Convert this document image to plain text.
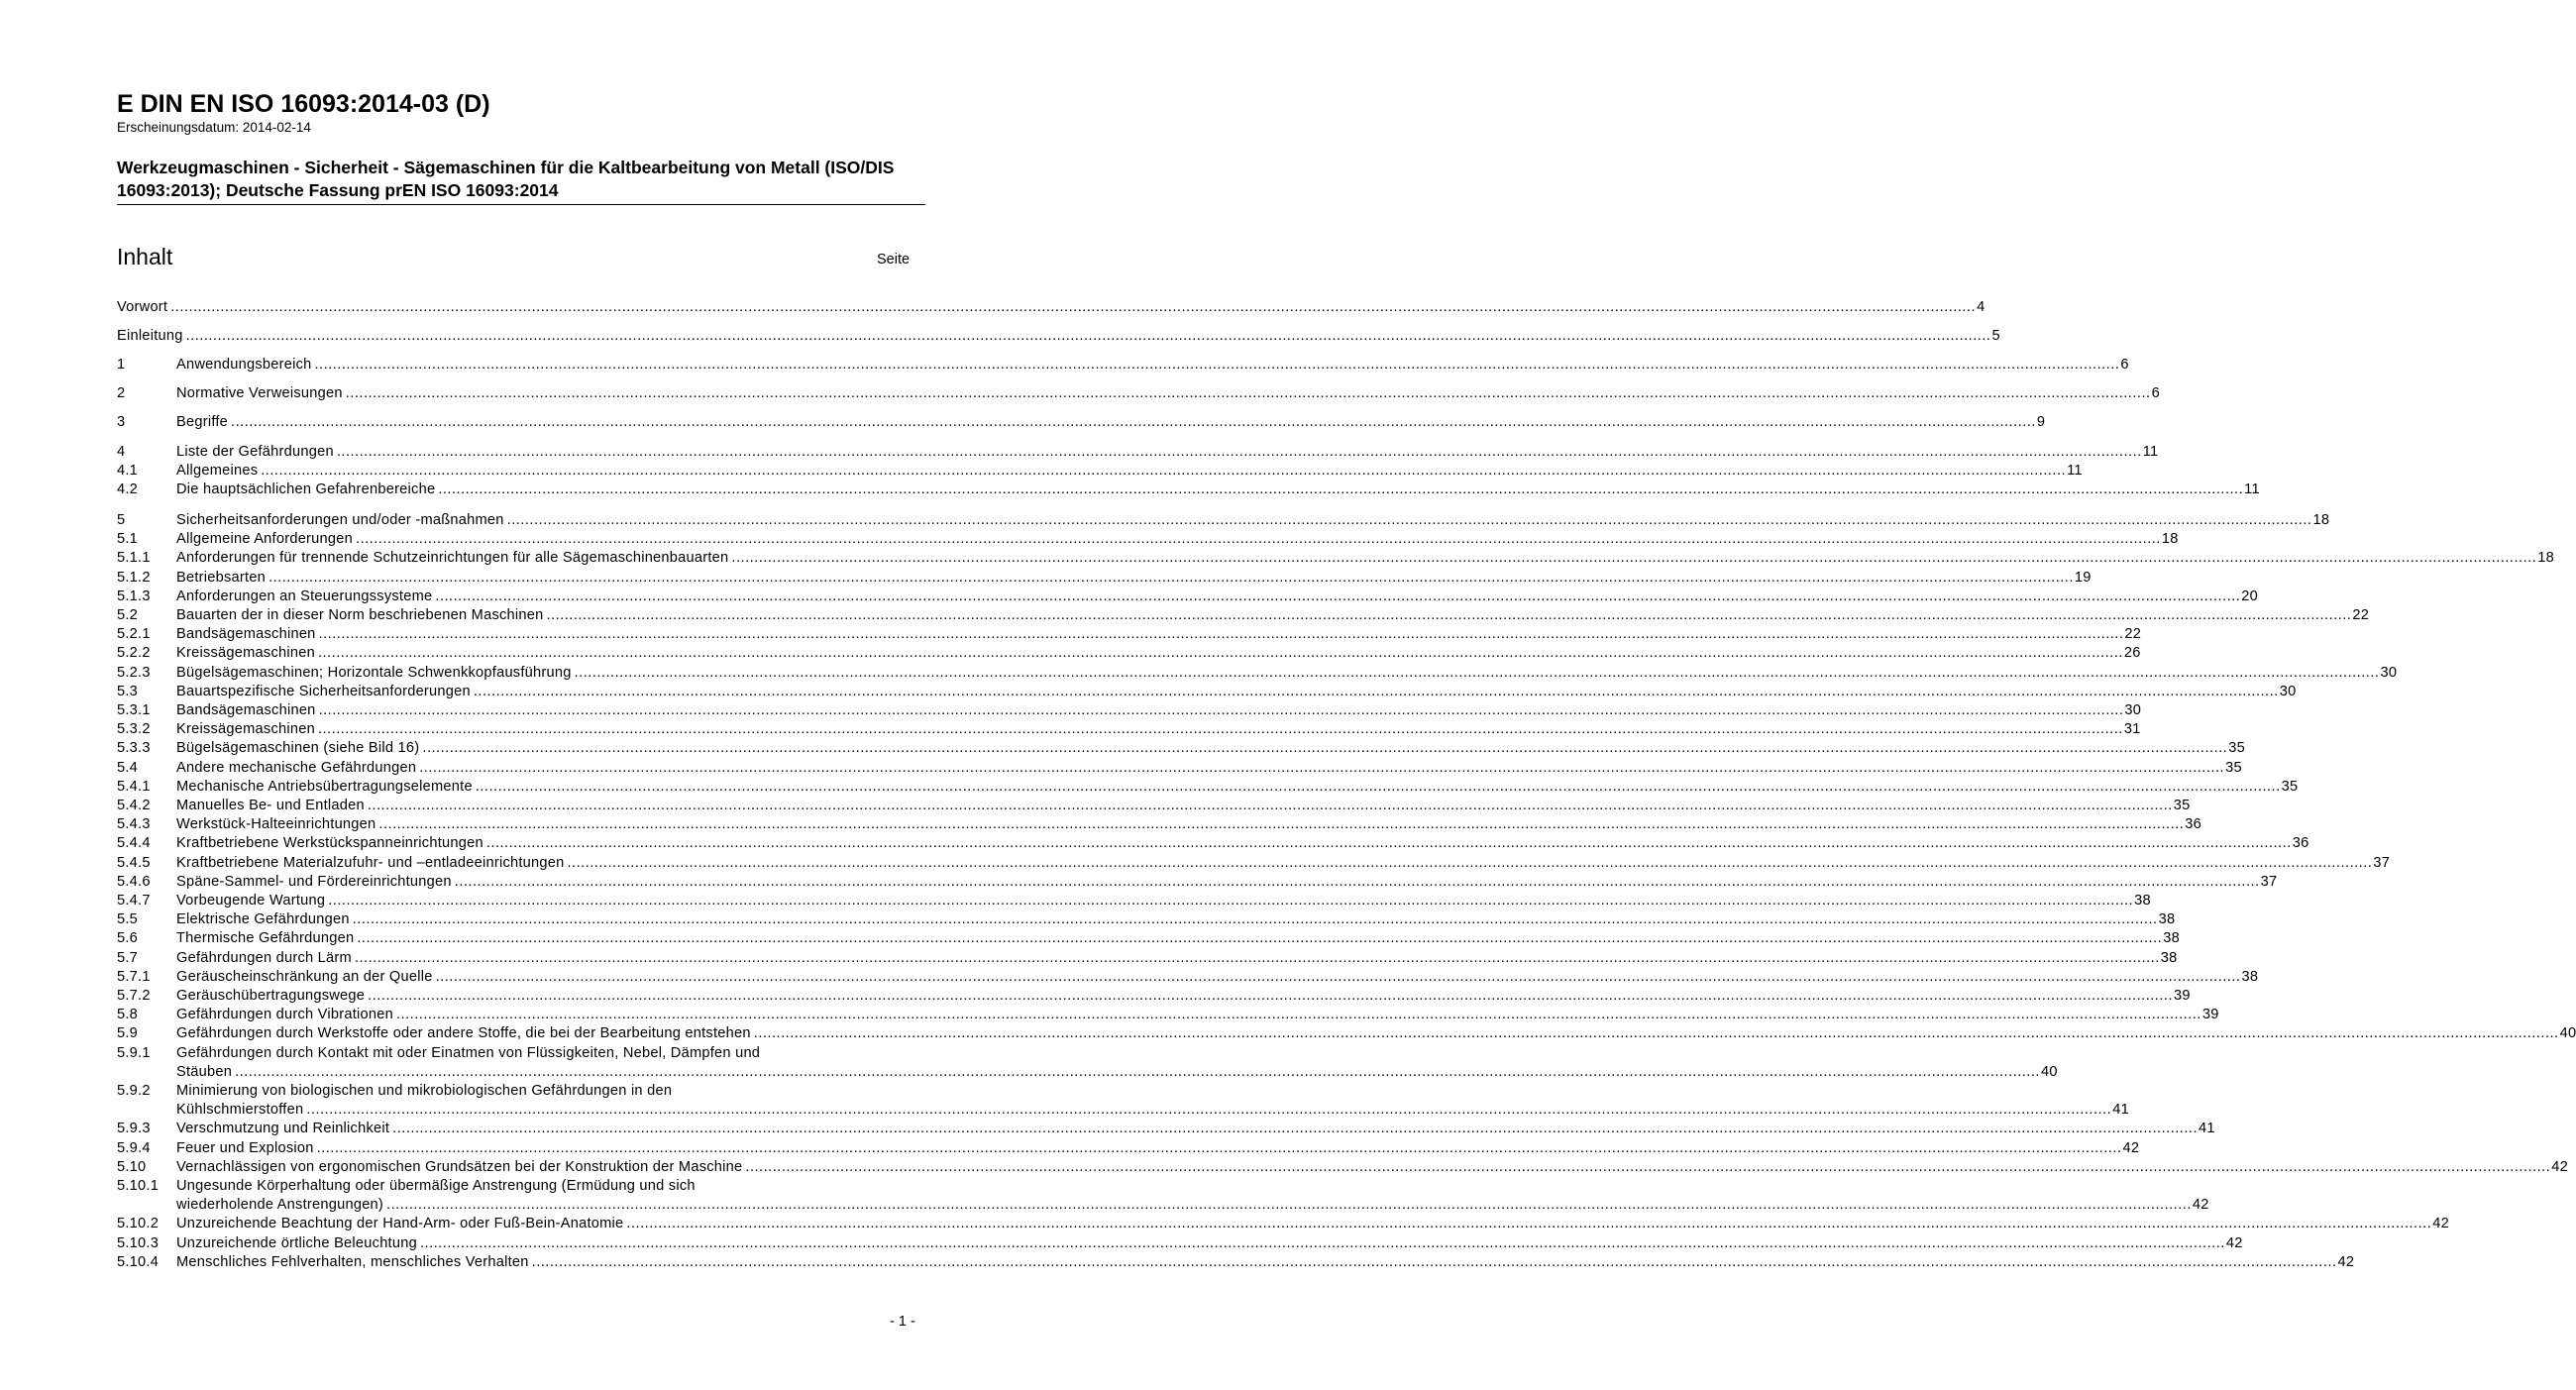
E DIN EN ISO 16093:2014-03 (D)
Erscheinungsdatum: 2014-02-14
Werkzeugmaschinen - Sicherheit - Sägemaschinen für die Kaltbearbeitung von Metall (ISO/DIS 16093:2013); Deutsche Fassung prEN ISO 16093:2014
Inhalt	Seite
Vorwort ................................................................................................................................................................................................................................................................................................................................................................................................................ 4
Einleitung ................................................................................................................................................................................................................................................................................................................................................................................................................ 5
1	Anwendungsbereich ................................................................................................................................................................................................................................................................................................................................................................................................................ 6
2	Normative Verweisungen ................................................................................................................................................................................................................................................................................................................................................................................................................ 6
3	Begriffe ................................................................................................................................................................................................................................................................................................................................................................................................................ 9
4	Liste der Gefährdungen ................................................................................................................................................................................................................................................................................................................................................................................................................ 11
4.1	Allgemeines ................................................................................................................................................................................................................................................................................................................................................................................................................ 11
4.2	Die hauptsächlichen Gefahrenbereiche ................................................................................................................................................................................................................................................................................................................................................................................................................ 11
5	Sicherheitsanforderungen und/oder -maßnahmen ................................................................................................................................................................................................................................................................................................................................................................................................................ 18
5.1	Allgemeine Anforderungen ................................................................................................................................................................................................................................................................................................................................................................................................................ 18
5.1.1 Anforderungen für trennende Schutzeinrichtungen für alle Sägemaschinenbauarten ................................................................................................................................................................................................................................................................................................................................................................................................................ 18
5.1.2 Betriebsarten ................................................................................................................................................................................................................................................................................................................................................................................................................ 19
5.1.3 Anforderungen an Steuerungssysteme ................................................................................................................................................................................................................................................................................................................................................................................................................ 20
5.2	Bauarten der in dieser Norm beschriebenen Maschinen ................................................................................................................................................................................................................................................................................................................................................................................................................ 22
5.2.1 Bandsägemaschinen ................................................................................................................................................................................................................................................................................................................................................................................................................ 22
5.2.2 Kreissägemaschinen ................................................................................................................................................................................................................................................................................................................................................................................................................ 26
5.2.3 Bügelsägemaschinen; Horizontale Schwenkkopfausführung ................................................................................................................................................................................................................................................................................................................................................................................................................ 30
5.3	Bauartspezifische Sicherheitsanforderungen ................................................................................................................................................................................................................................................................................................................................................................................................................ 30
5.3.1 Bandsägemaschinen ................................................................................................................................................................................................................................................................................................................................................................................................................ 30
5.3.2 Kreissägemaschinen ................................................................................................................................................................................................................................................................................................................................................................................................................ 31
5.3.3 Bügelsägemaschinen (siehe Bild 16) ................................................................................................................................................................................................................................................................................................................................................................................................................ 35
5.4	Andere mechanische Gefährdungen ................................................................................................................................................................................................................................................................................................................................................................................................................ 35
5.4.1 Mechanische Antriebsübertragungselemente ................................................................................................................................................................................................................................................................................................................................................................................................................ 35
5.4.2 Manuelles Be- und Entladen ................................................................................................................................................................................................................................................................................................................................................................................................................ 35
5.4.3 Werkstück-Halteeinrichtungen ................................................................................................................................................................................................................................................................................................................................................................................................................ 36
5.4.4 Kraftbetriebene Werkstückspanneinrichtungen ................................................................................................................................................................................................................................................................................................................................................................................................................ 36
5.4.5 Kraftbetriebene Materialzufuhr- und –entladeeinrichtungen ................................................................................................................................................................................................................................................................................................................................................................................................................ 37
5.4.6 Späne-Sammel- und Fördereinrichtungen ................................................................................................................................................................................................................................................................................................................................................................................................................ 37
5.4.7 Vorbeugende Wartung ................................................................................................................................................................................................................................................................................................................................................................................................................ 38
5.5	Elektrische Gefährdungen ................................................................................................................................................................................................................................................................................................................................................................................................................ 38
5.6	Thermische Gefährdungen ................................................................................................................................................................................................................................................................................................................................................................................................................ 38
5.7	Gefährdungen durch Lärm ................................................................................................................................................................................................................................................................................................................................................................................................................ 38
5.7.1 Geräuscheinschränkung an der Quelle ................................................................................................................................................................................................................................................................................................................................................................................................................ 38
5.7.2 Geräuschübertragungswege ................................................................................................................................................................................................................................................................................................................................................................................................................ 39
5.8	Gefährdungen durch Vibrationen ................................................................................................................................................................................................................................................................................................................................................................................................................ 39
5.9	Gefährdungen durch Werkstoffe oder andere Stoffe, die bei der Bearbeitung entstehen ................................................................................................................................................................................................................................................................................................................................................................................................................ 40
5.9.1 Gefährdungen durch Kontakt mit oder Einatmen von Flüssigkeiten, Nebel, Dämpfen und
Stäuben ................................................................................................................................................................................................................................................................................................................................................................................................................ 40
5.9.2 Minimierung von biologischen und mikrobiologischen Gefährdungen in den
Kühlschmierstoffen ................................................................................................................................................................................................................................................................................................................................................................................................................ 41
5.9.3 Verschmutzung und Reinlichkeit ................................................................................................................................................................................................................................................................................................................................................................................................................ 41
5.9.4 Feuer und Explosion ................................................................................................................................................................................................................................................................................................................................................................................................................ 42
5.10 Vernachlässigen von ergonomischen Grundsätzen bei der Konstruktion der Maschine ................................................................................................................................................................................................................................................................................................................................................................................................................ 42
5.10.1 Ungesunde Körperhaltung oder übermäßige Anstrengung (Ermüdung und sich
wiederholende Anstrengungen) ................................................................................................................................................................................................................................................................................................................................................................................................................ 42
5.10.2 Unzureichende Beachtung der Hand-Arm- oder Fuß-Bein-Anatomie ................................................................................................................................................................................................................................................................................................................................................................................................................ 42
5.10.3 Unzureichende örtliche Beleuchtung ................................................................................................................................................................................................................................................................................................................................................................................................................ 42
5.10.4 Menschliches Fehlverhalten, menschliches Verhalten ................................................................................................................................................................................................................................................................................................................................................................................................................ 42
- 1 -
